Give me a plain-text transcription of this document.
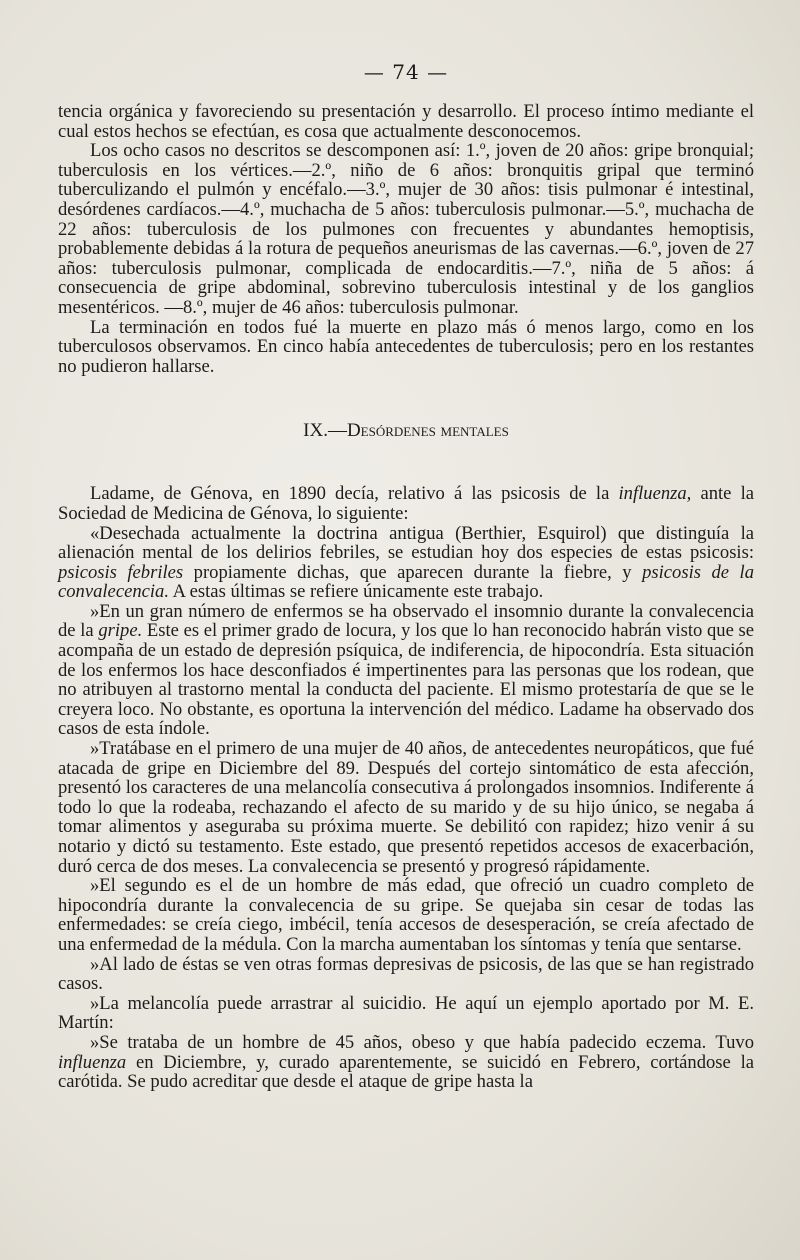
— 74 —

tencia orgánica y favoreciendo su presentación y desarrollo. El proceso íntimo mediante el cual estos hechos se efectúan, es cosa que actualmente desconocemos.

Los ocho casos no descritos se descomponen así: 1.º, joven de 20 años: gripe bronquial; tuberculosis en los vértices.—2.º, niño de 6 años: bronquitis gripal que terminó tuberculizando el pulmón y encéfalo.—3.º, mujer de 30 años: tisis pulmonar é intestinal, desórdenes cardíacos.—4.º, muchacha de 5 años: tuberculosis pulmonar.—5.º, muchacha de 22 años: tuberculosis de los pulmones con frecuentes y abundantes hemoptisis, probablemente debidas á la rotura de pequeños aneurismas de las cavernas.—6.º, joven de 27 años: tuberculosis pulmonar, complicada de endocarditis.—7.º, niña de 5 años: á consecuencia de gripe abdominal, sobrevino tuberculosis intestinal y de los ganglios mesentéricos. —8.º, mujer de 46 años: tuberculosis pulmonar.

La terminación en todos fué la muerte en plazo más ó menos largo, como en los tuberculosos observamos. En cinco había antecedentes de tuberculosis; pero en los restantes no pudieron hallarse.

IX.—Desórdenes mentales

Ladame, de Génova, en 1890 decía, relativo á las psicosis de la influenza, ante la Sociedad de Medicina de Génova, lo siguiente:

«Desechada actualmente la doctrina antigua (Berthier, Esquirol) que distinguía la alienación mental de los delirios febriles, se estudian hoy dos especies de estas psicosis: psicosis febriles propiamente dichas, que aparecen durante la fiebre, y psicosis de la convalecencia. A estas últimas se refiere únicamente este trabajo.

»En un gran número de enfermos se ha observado el insomnio durante la convalecencia de la gripe. Este es el primer grado de locura, y los que lo han reconocido habrán visto que se acompaña de un estado de depresión psíquica, de indiferencia, de hipocondría. Esta situación de los enfermos los hace desconfiados é impertinentes para las personas que los rodean, que no atribuyen al trastorno mental la conducta del paciente. El mismo protestaría de que se le creyera loco. No obstante, es oportuna la intervención del médico. Ladame ha observado dos casos de esta índole.

»Tratábase en el primero de una mujer de 40 años, de antecedentes neuropáticos, que fué atacada de gripe en Diciembre del 89. Después del cortejo sintomático de esta afección, presentó los caracteres de una melancolía consecutiva á prolongados insomnios. Indiferente á todo lo que la rodeaba, rechazando el afecto de su marido y de su hijo único, se negaba á tomar alimentos y aseguraba su próxima muerte. Se debilitó con rapidez; hizo venir á su notario y dictó su testamento. Este estado, que presentó repetidos accesos de exacerbación, duró cerca de dos meses. La convalecencia se presentó y progresó rápidamente.

»El segundo es el de un hombre de más edad, que ofreció un cuadro completo de hipocondría durante la convalecencia de su gripe. Se quejaba sin cesar de todas las enfermedades: se creía ciego, imbécil, tenía accesos de desesperación, se creía afectado de una enfermedad de la médula. Con la marcha aumentaban los síntomas y tenía que sentarse.

»Al lado de éstas se ven otras formas depresivas de psicosis, de las que se han registrado casos.

»La melancolía puede arrastrar al suicidio. He aquí un ejemplo aportado por M. E. Martín:

»Se trataba de un hombre de 45 años, obeso y que había padecido eczema. Tuvo influenza en Diciembre, y, curado aparentemente, se suicidó en Febrero, cortándose la carótida. Se pudo acreditar que desde el ataque de gripe hasta la
